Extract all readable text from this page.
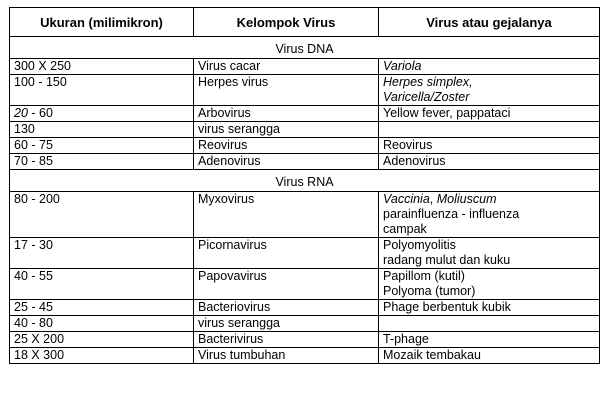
Ukuran (milimikron)	Kelompok Virus	Virus atau gejalanya
Virus DNA		
300 X 250	Virus cacar	Variola

100 - 150	Herpes virus	Herpes simplex,
Varicella/Zoster

20 - 60	Arbovirus	Yellow fever, pappataci

130	virus serangga	
60 - 75	Reovirus	Reovirus

70 - 85	Adenovirus	Adenovirus

Virus RNA		
80 - 200	Myxovirus	Vaccinia, Moliuscum
parainfluenza - influenza
campak

17 - 30	Picornavirus	Polyomyolitis
radang mulut dan kuku

40 - 55	Papovavirus	Papillom (kutil)
Polyoma (tumor)

25 - 45	Bacteriovirus	Phage berbentuk kubik

40 - 80	virus serangga	
25 X 200	Bacterivirus	T-phage

18 X 300	Virus tumbuhan	Mozaik tembakau
